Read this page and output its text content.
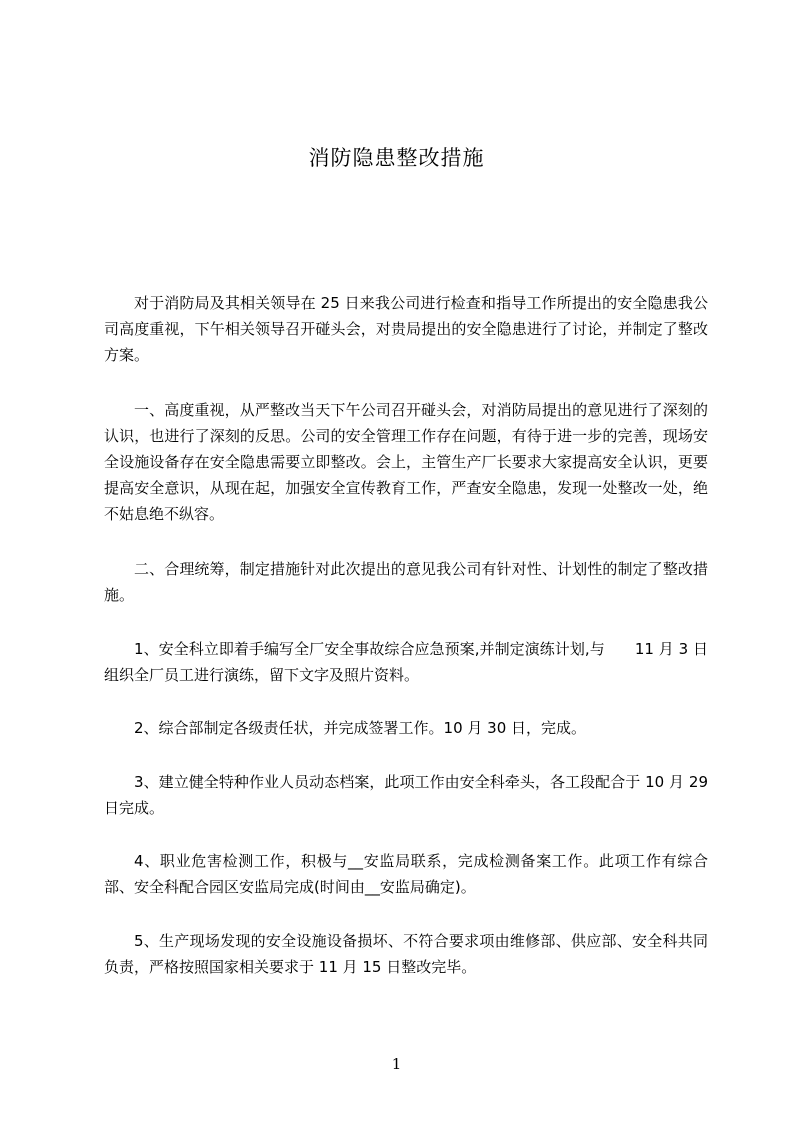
消防隐患整改措施

对于消防局及其相关领导在 25 日来我公司进行检查和指导工作所提出的安全隐患我公司高度重视，下午相关领导召开碰头会，对贵局提出的安全隐患进行了讨论，并制定了整改方案。

一、高度重视，从严整改当天下午公司召开碰头会，对消防局提出的意见进行了深刻的认识，也进行了深刻的反思。公司的安全管理工作存在问题，有待于进一步的完善，现场安全设施设备存在安全隐患需要立即整改。会上，主管生产厂长要求大家提高安全认识，更要提高安全意识，从现在起，加强安全宣传教育工作，严查安全隐患，发现一处整改一处，绝不姑息绝不纵容。

二、合理统筹，制定措施针对此次提出的意见我公司有针对性、计划性的制定了整改措施。

1、安全科立即着手编写全厂安全事故综合应急预案,并制定演练计划,与　　11 月 3 日组织全厂员工进行演练，留下文字及照片资料。

2、综合部制定各级责任状，并完成签署工作。10 月 30 日，完成。

3、建立健全特种作业人员动态档案，此项工作由安全科牵头，各工段配合于 10 月 29 日完成。

4、职业危害检测工作，积极与__安监局联系，完成检测备案工作。此项工作有综合部、安全科配合园区安监局完成(时间由__安监局确定)。

5、生产现场发现的安全设施设备损坏、不符合要求项由维修部、供应部、安全科共同负责，严格按照国家相关要求于 11 月 15 日整改完毕。

1
